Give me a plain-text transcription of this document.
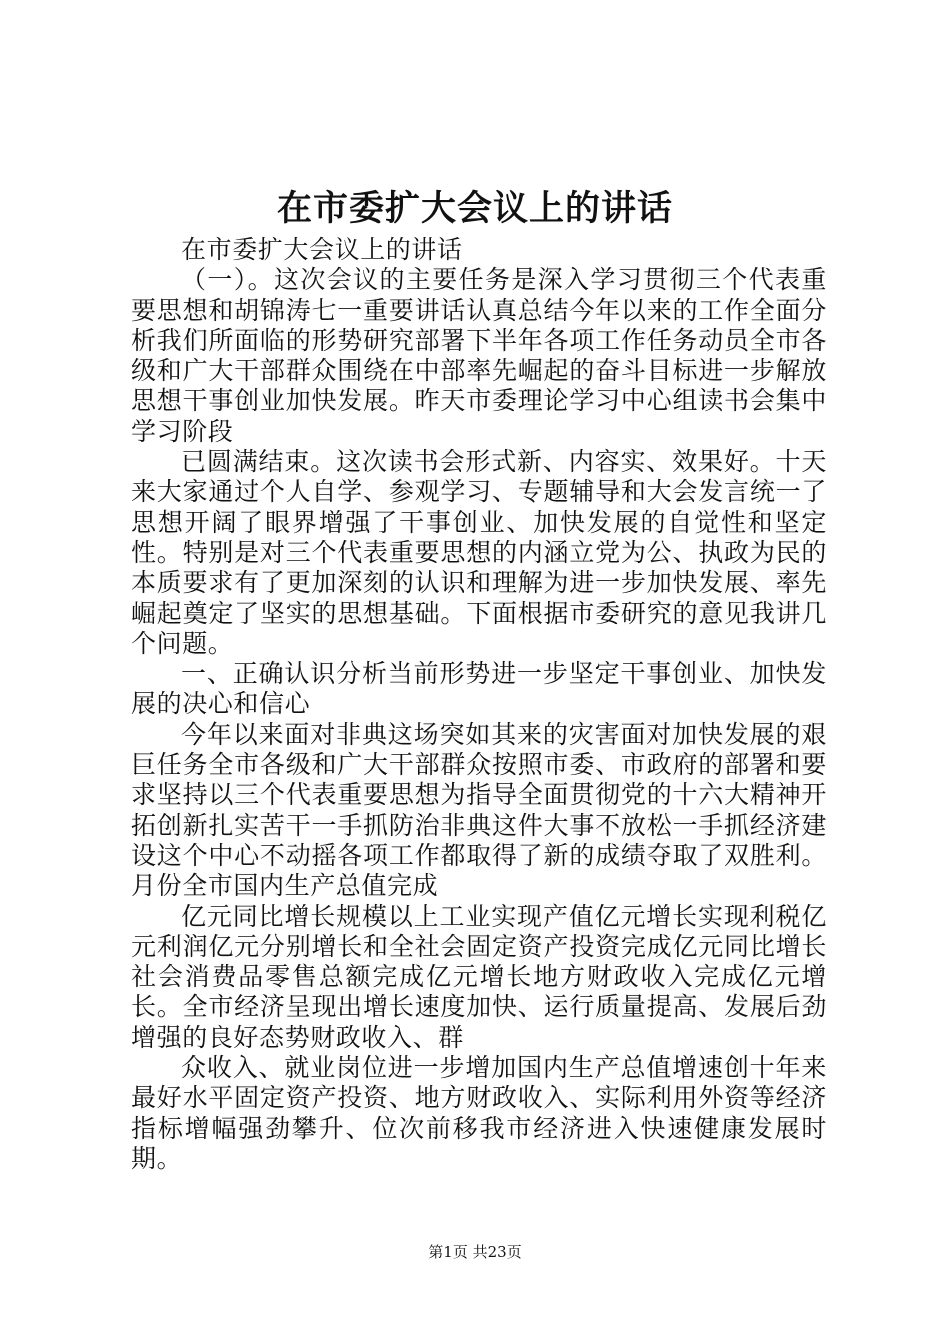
在市委扩大会议上的讲话

在市委扩大会议上的讲话

（一）。这次会议的主要任务是深入学习贯彻三个代表重要思想和胡锦涛七一重要讲话认真总结今年以来的工作全面分析我们所面临的形势研究部署下半年各项工作任务动员全市各级和广大干部群众围绕在中部率先崛起的奋斗目标进一步解放思想干事创业加快发展。昨天市委理论学习中心组读书会集中学习阶段

已圆满结束。这次读书会形式新、内容实、效果好。十天来大家通过个人自学、参观学习、专题辅导和大会发言统一了思想开阔了眼界增强了干事创业、加快发展的自觉性和坚定性。特别是对三个代表重要思想的内涵立党为公、执政为民的本质要求有了更加深刻的认识和理解为进一步加快发展、率先崛起奠定了坚实的思想基础。下面根据市委研究的意见我讲几个问题。

一、正确认识分析当前形势进一步坚定干事创业、加快发展的决心和信心

今年以来面对非典这场突如其来的灾害面对加快发展的艰巨任务全市各级和广大干部群众按照市委、市政府的部署和要求坚持以三个代表重要思想为指导全面贯彻党的十六大精神开拓创新扎实苦干一手抓防治非典这件大事不放松一手抓经济建设这个中心不动摇各项工作都取得了新的成绩夺取了双胜利。月份全市国内生产总值完成

亿元同比增长规模以上工业实现产值亿元增长实现利税亿元利润亿元分别增长和全社会固定资产投资完成亿元同比增长社会消费品零售总额完成亿元增长地方财政收入完成亿元增长。全市经济呈现出增长速度加快、运行质量提高、发展后劲增强的良好态势财政收入、群

众收入、就业岗位进一步增加国内生产总值增速创十年来最好水平固定资产投资、地方财政收入、实际利用外资等经济指标增幅强劲攀升、位次前移我市经济进入快速健康发展时期。

第1页 共23页
